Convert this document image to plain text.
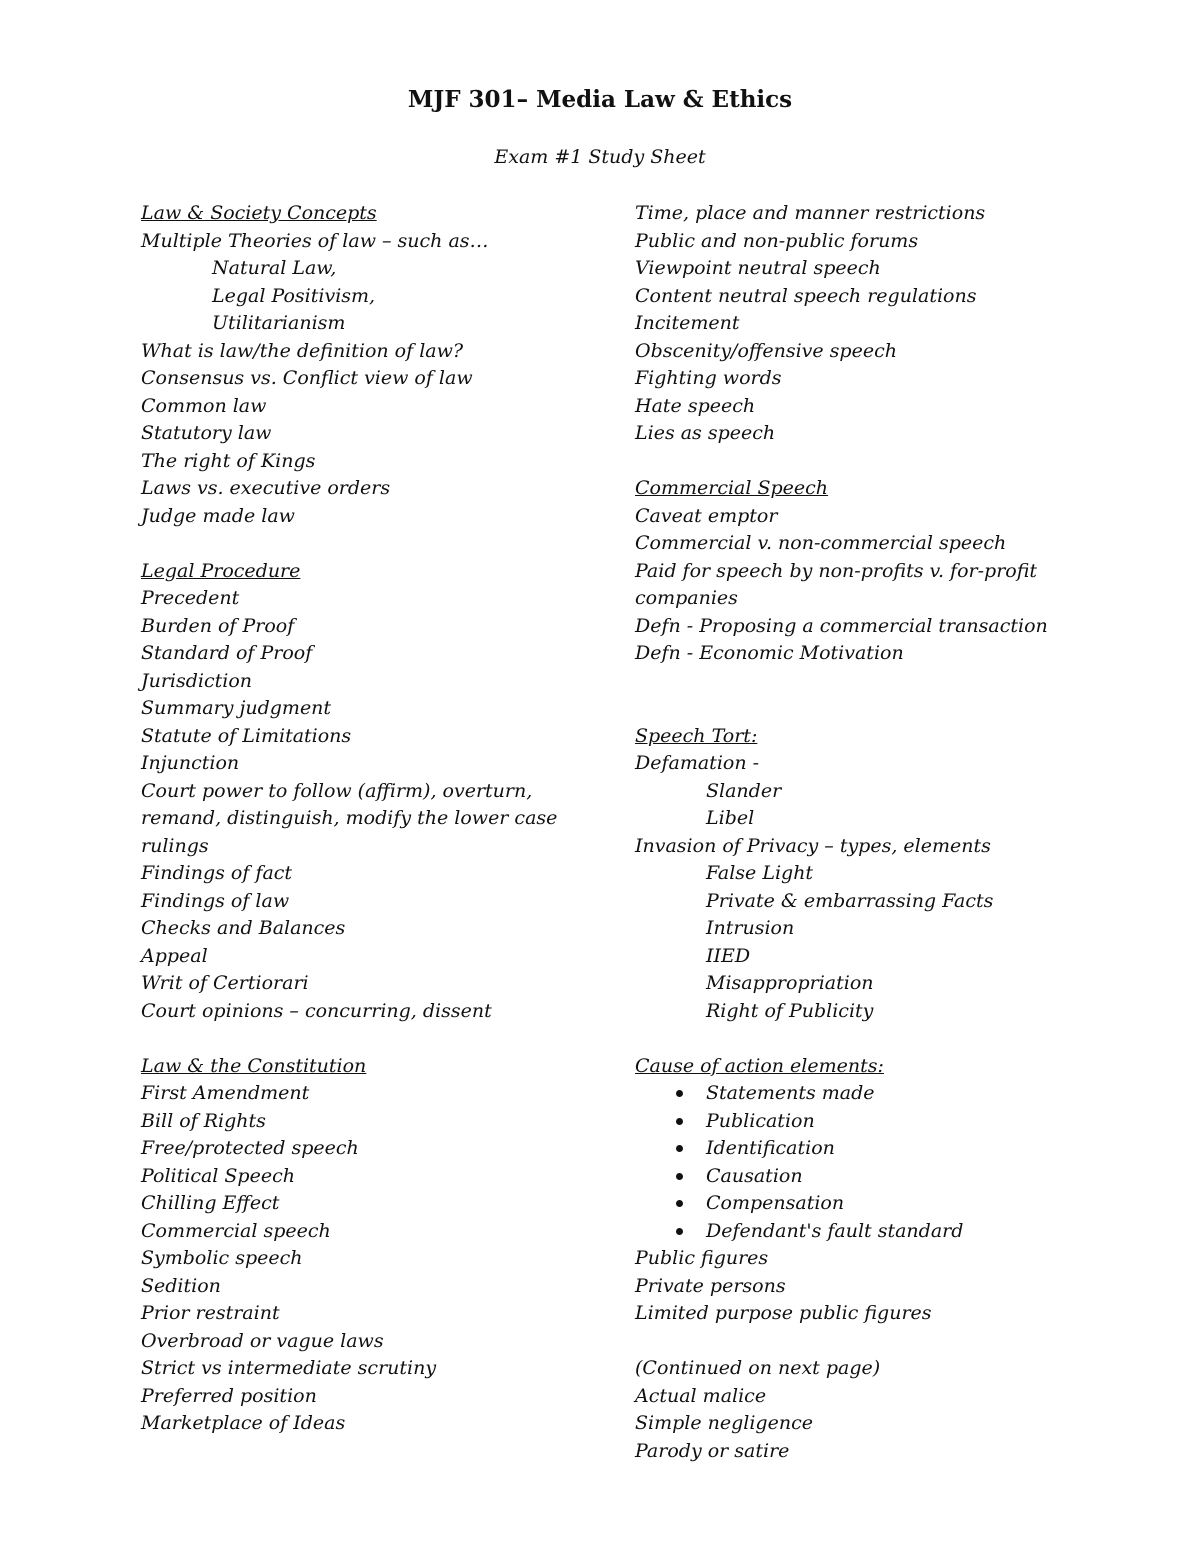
MJF 301– Media Law & Ethics
Exam #1 Study Sheet
Law & Society Concepts
Multiple Theories of law – such as…
Natural Law,
Legal Positivism,
Utilitarianism
What is law/the definition of law?
Consensus vs. Conflict view of law
Common law
Statutory law
The right of Kings
Laws vs. executive orders
Judge made law
Legal Procedure
Precedent
Burden of Proof
Standard of Proof
Jurisdiction
Summary judgment
Statute of Limitations
Injunction
Court power to follow (affirm), overturn,
remand, distinguish, modify the lower case
rulings
Findings of fact
Findings of law
Checks and Balances
Appeal
Writ of Certiorari
Court opinions – concurring, dissent
Law & the Constitution
First Amendment
Bill of Rights
Free/protected speech
Political Speech
Chilling Effect
Commercial speech
Symbolic speech
Sedition
Prior restraint
Overbroad or vague laws
Strict vs intermediate scrutiny
Preferred position
Marketplace of Ideas
Time, place and manner restrictions
Public and non-public forums
Viewpoint neutral speech
Content neutral speech regulations
Incitement
Obscenity/offensive speech
Fighting words
Hate speech
Lies as speech
Commercial Speech
Caveat emptor
Commercial v. non-commercial speech
Paid for speech by non-profits v. for-profit
companies
Defn - Proposing a commercial transaction
Defn - Economic Motivation
Speech Tort:
Defamation -
Slander
Libel
Invasion of Privacy – types, elements
False Light
Private & embarrassing Facts
Intrusion
IIED
Misappropriation
Right of Publicity
Cause of action elements:
Statements made
Publication
Identification
Causation
Compensation
Defendant's fault standard
Public figures
Private persons
Limited purpose public figures
(Continued on next page)
Actual malice
Simple negligence
Parody or satire
